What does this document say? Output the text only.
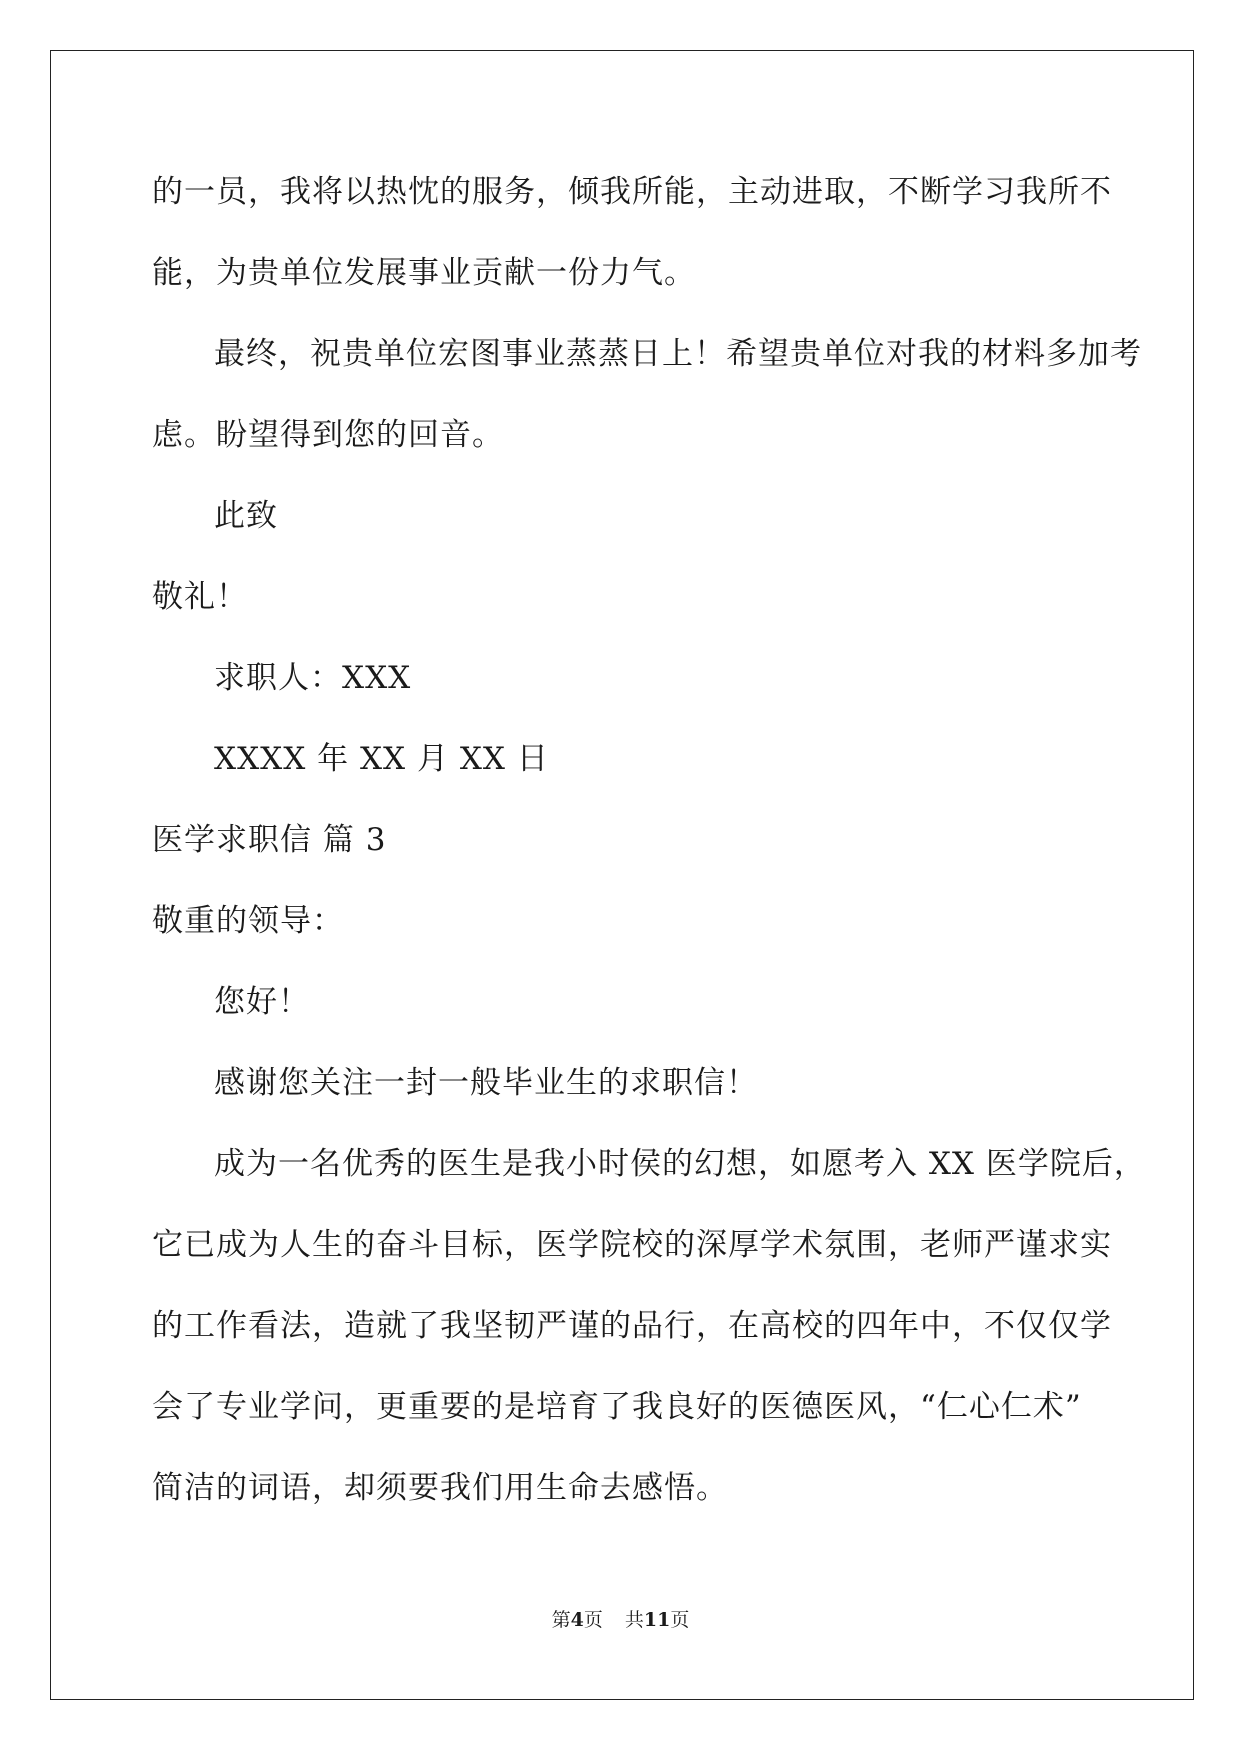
的一员，我将以热忱的服务，倾我所能，主动进取，不断学习我所不
能，为贵单位发展事业贡献一份力气。
最终，祝贵单位宏图事业蒸蒸日上！希望贵单位对我的材料多加考
虑。盼望得到您的回音。
此致
敬礼！
求职人：XXX
XXXX 年 XX 月 XX 日
医学求职信 篇 3
敬重的领导：
您好！
感谢您关注一封一般毕业生的求职信！
成为一名优秀的医生是我小时侯的幻想，如愿考入 XX 医学院后，
它已成为人生的奋斗目标，医学院校的深厚学术氛围，老师严谨求实
的工作看法，造就了我坚韧严谨的品行，在高校的四年中，不仅仅学
会了专业学问，更重要的是培育了我良好的医德医风，“仁心仁术”
简洁的词语，却须要我们用生命去感悟。
第4页 共11页
